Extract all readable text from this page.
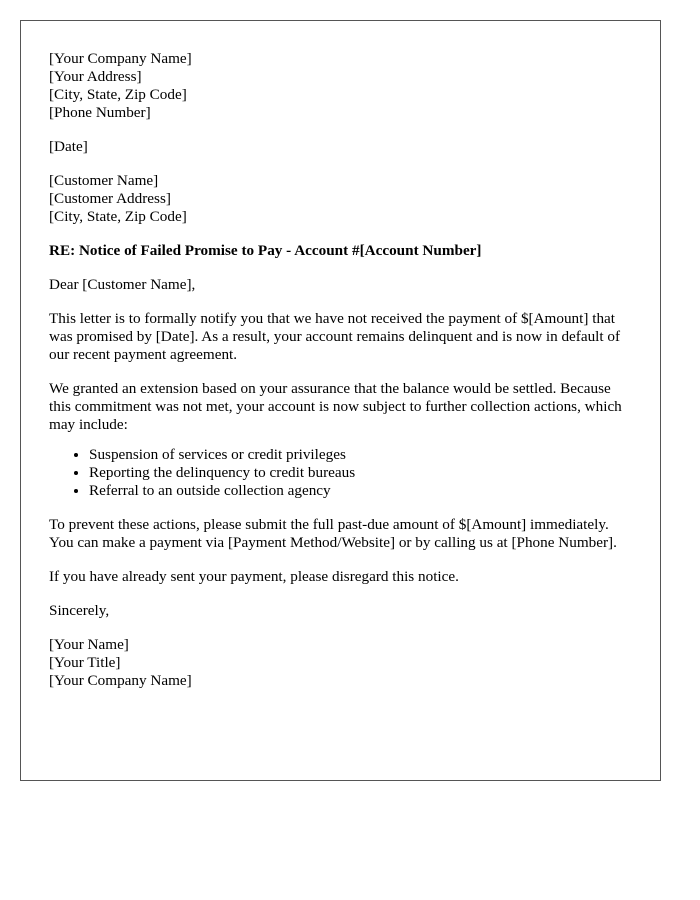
[Your Company Name]
[Your Address]
[City, State, Zip Code]
[Phone Number]
[Date]
[Customer Name]
[Customer Address]
[City, State, Zip Code]
RE: Notice of Failed Promise to Pay - Account #[Account Number]

Dear [Customer Name],

This letter is to formally notify you that we have not received the payment of $[Amount] that was promised by [Date]. As a result, your account remains delinquent and is now in default of our recent payment agreement.

We granted an extension based on your assurance that the balance would be settled. Because this commitment was not met, your account is now subject to further collection actions, which may include:

• Suspension of services or credit privileges
• Reporting the delinquency to credit bureaus
• Referral to an outside collection agency

To prevent these actions, please submit the full past-due amount of $[Amount] immediately. You can make a payment via [Payment Method/Website] or by calling us at [Phone Number].

If you have already sent your payment, please disregard this notice.

Sincerely,

[Your Name]
[Your Title]
[Your Company Name]
